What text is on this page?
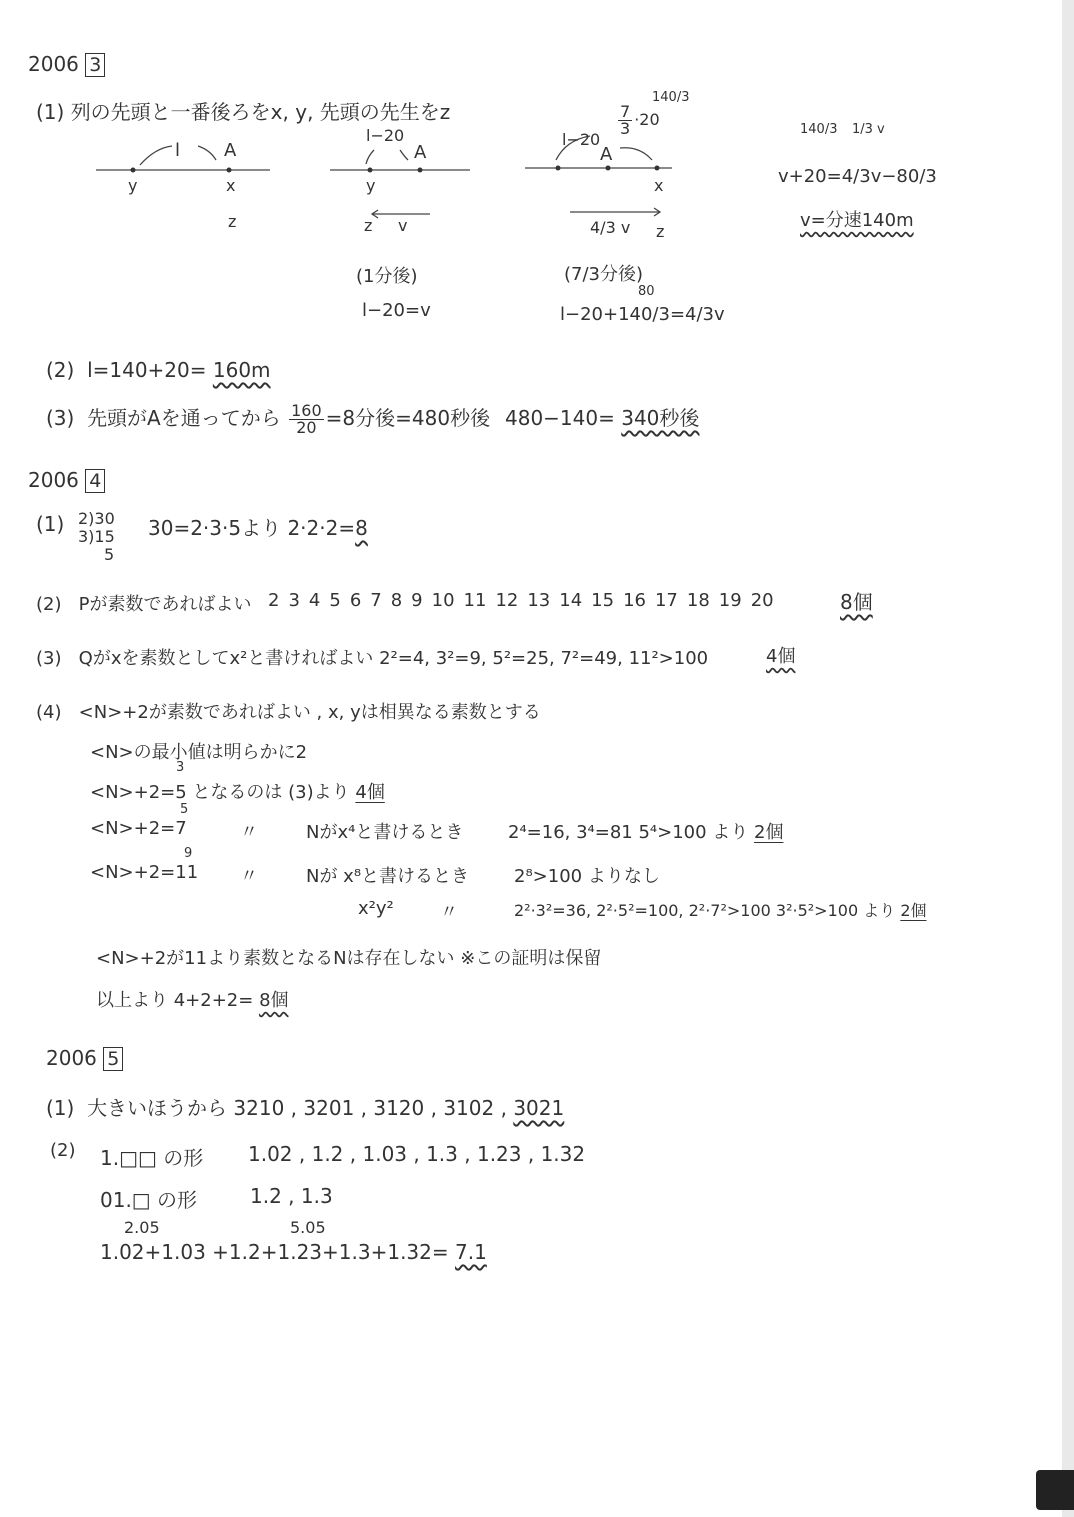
2006 3
(1) 列の先頭と一番後ろをx, y, 先頭の先生をz
l A
y	x
z
l−20
A
y
z v
(1分後)
l−20=v
140/3
$\frac{7}{3} \cdot 20$
l−20
A
x
4/3 v z
(7/3分後)
80
l−20+140/3=4/3v
140/3 1/3 v
v+20=4/3v−80/3
v=分速140m
(2) l=140+20= 160m
(3) 先頭がAを通ってから $\frac{160}{20} =8$分後=480秒後 480−140= 340秒後
2006 4
(1) 2)30
3)15
5
30=2·3·5より 2·2·2=8
(2) Pが素数であればよい 2 3 4 5 6 7 8 9 10 11 12 13 14 15 16 17 18 19 20	8個
(3) Qがxを素数としてx²と書ければよい 2²=4, 3²=9, 5²=25, 7²=49, 11²>100	4個
(4) <N>+2が素数であればよい , x, yは相異なる素数とする
<N>の最小値は明らかに2
3
<N>+2=5 となるのは (3)より 4個
5
<N>+2=7	〃	Nがx⁴と書けるとき 2⁴=16, 3⁴=81 5⁴>100 より 2個
9
<N>+2=11 〃	Nが x⁸と書けるとき 2⁸>100 よりなし
x²y²	〃	2²·3²=36, 2²·5²=100, 2²·7²>100 3²·5²>100 より 2個
<N>+2が11より素数となるNは存在しない ※この証明は保留
以上より 4+2+2= 8個
2006 5
(1) 大きいほうから 3210 , 3201 , 3120 , 3102 , 3021
(2) 1.□□ の形 1.02 , 1.2 , 1.03 , 1.3 , 1.23 , 1.32
01.□ の形	1.2 , 1.3
2.05	5.05
1.02+1.03 +1.2+1.23+1.3+1.32= 7.1
